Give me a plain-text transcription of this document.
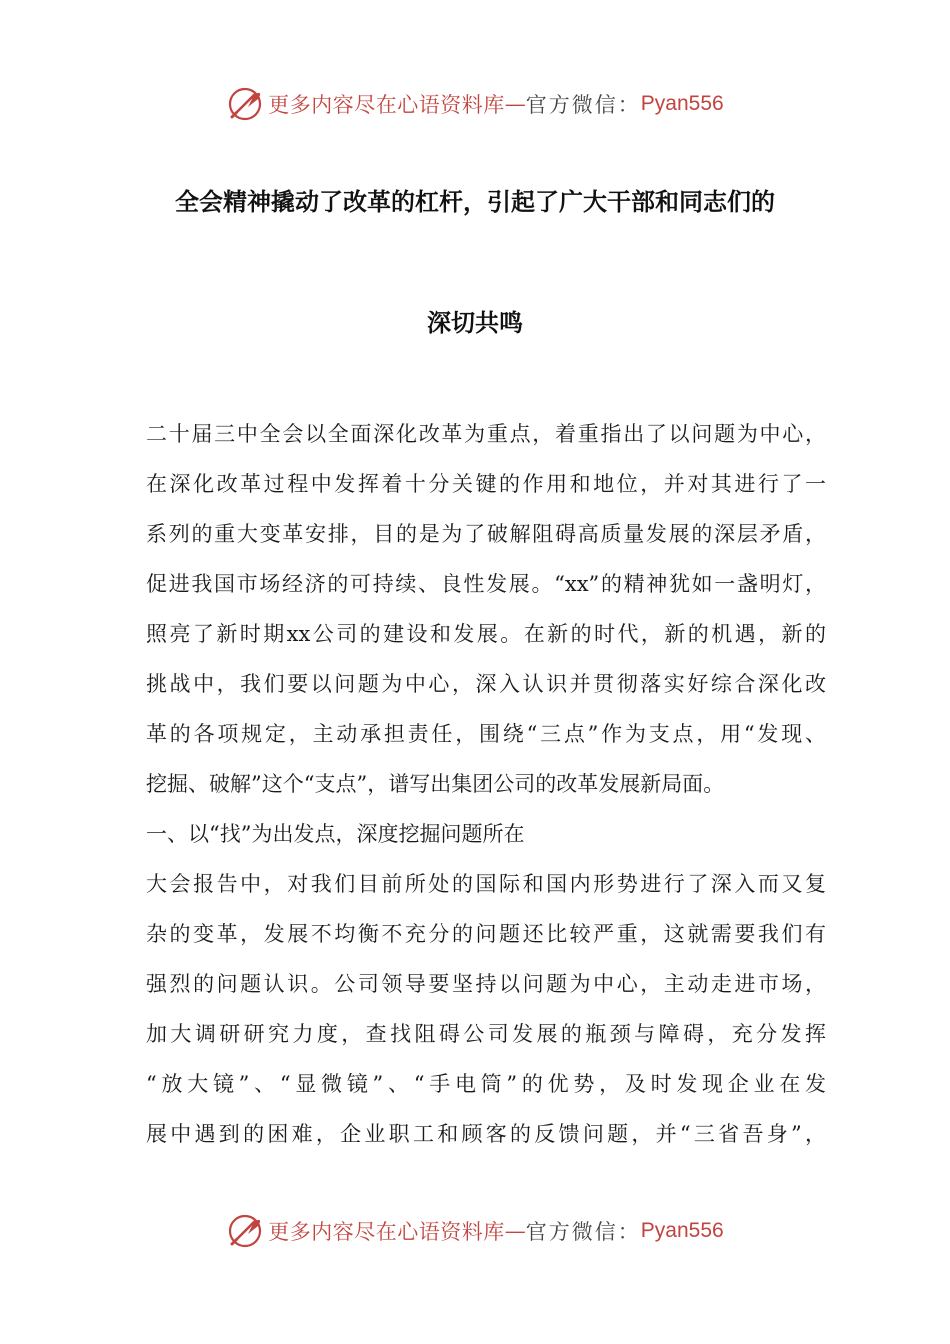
更多内容尽在心语资料库 — 官方微信： Pyan556
全会精神撬动了改革的杠杆，引起了广大干部和同志们的
深切共鸣
二十届三中全会以全面深化改革为重点，着重指出了以问题为中心，
在深化改革过程中发挥着十分关键的作用和地位，并对其进行了一
系列的重大变革安排，目的是为了破解阻碍高质量发展的深层矛盾，
促进我国市场经济的可持续、良性发展。“xx”的精神犹如一盏明灯，
照亮了新时期xx公司的建设和发展。在新的时代，新的机遇，新的
挑战中，我们要以问题为中心，深入认识并贯彻落实好综合深化改
革的各项规定，主动承担责任，围绕“三点”作为支点，用“发现、
挖掘、破解”这个“支点”，谱写出集团公司的改革发展新局面。
一、以“找”为出发点，深度挖掘问题所在
大会报告中，对我们目前所处的国际和国内形势进行了深入而又复
杂的变革，发展不均衡不充分的问题还比较严重，这就需要我们有
强烈的问题认识。公司领导要坚持以问题为中心，主动走进市场，
加大调研研究力度，查找阻碍公司发展的瓶颈与障碍，充分发挥
“放大镜”、“显微镜”、“手电筒”的优势，及时发现企业在发
展中遇到的困难，企业职工和顾客的反馈问题，并“三省吾身”，
更多内容尽在心语资料库 — 官方微信： Pyan556
